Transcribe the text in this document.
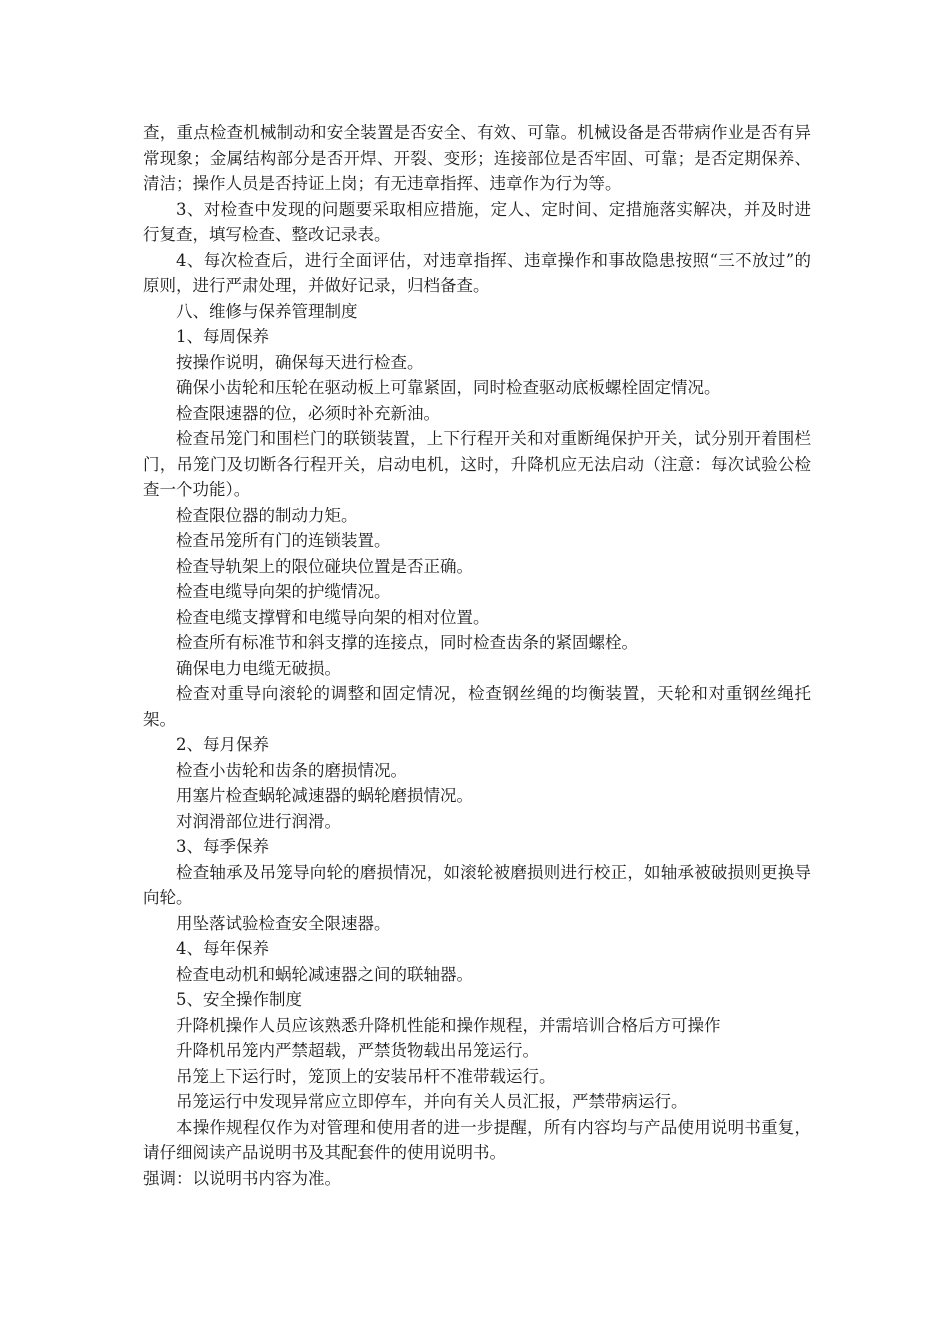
查，重点检查机械制动和安全装置是否安全、有效、可靠。机械设备是否带病作业是否有异常现象；金属结构部分是否开焊、开裂、变形；连接部位是否牢固、可靠；是否定期保养、清洁；操作人员是否持证上岗；有无违章指挥、违章作为行为等。

3、对检查中发现的问题要采取相应措施，定人、定时间、定措施落实解决，并及时进行复查，填写检查、整改记录表。

4、每次检查后，进行全面评估，对违章指挥、违章操作和事故隐患按照“三不放过”的原则，进行严肃处理，并做好记录，归档备查。

八、维修与保养管理制度

1、每周保养

按操作说明，确保每天进行检查。

确保小齿轮和压轮在驱动板上可靠紧固，同时检查驱动底板螺栓固定情况。

检查限速器的位，必须时补充新油。

检查吊笼门和围栏门的联锁装置，上下行程开关和对重断绳保护开关，试分别开着围栏门，吊笼门及切断各行程开关，启动电机，这时，升降机应无法启动（注意：每次试验公检查一个功能）。

检查限位器的制动力矩。

检查吊笼所有门的连锁装置。

检查导轨架上的限位碰块位置是否正确。

检查电缆导向架的护缆情况。

检查电缆支撑臂和电缆导向架的相对位置。

检查所有标准节和斜支撑的连接点，同时检查齿条的紧固螺栓。

确保电力电缆无破损。

检查对重导向滚轮的调整和固定情况，检查钢丝绳的均衡装置，天轮和对重钢丝绳托架。

2、每月保养

检查小齿轮和齿条的磨损情况。

用塞片检查蜗轮减速器的蜗轮磨损情况。

对润滑部位进行润滑。

3、每季保养

检查轴承及吊笼导向轮的磨损情况，如滚轮被磨损则进行校正，如轴承被破损则更换导向轮。

用坠落试验检查安全限速器。

4、每年保养

检查电动机和蜗轮减速器之间的联轴器。

5、安全操作制度

升降机操作人员应该熟悉升降机性能和操作规程，并需培训合格后方可操作

升降机吊笼内严禁超载，严禁货物载出吊笼运行。

吊笼上下运行时，笼顶上的安装吊杆不准带载运行。

吊笼运行中发现异常应立即停车，并向有关人员汇报，严禁带病运行。

本操作规程仅作为对管理和使用者的进一步提醒，所有内容均与产品使用说明书重复，请仔细阅读产品说明书及其配套件的使用说明书。

强调：以说明书内容为准。
